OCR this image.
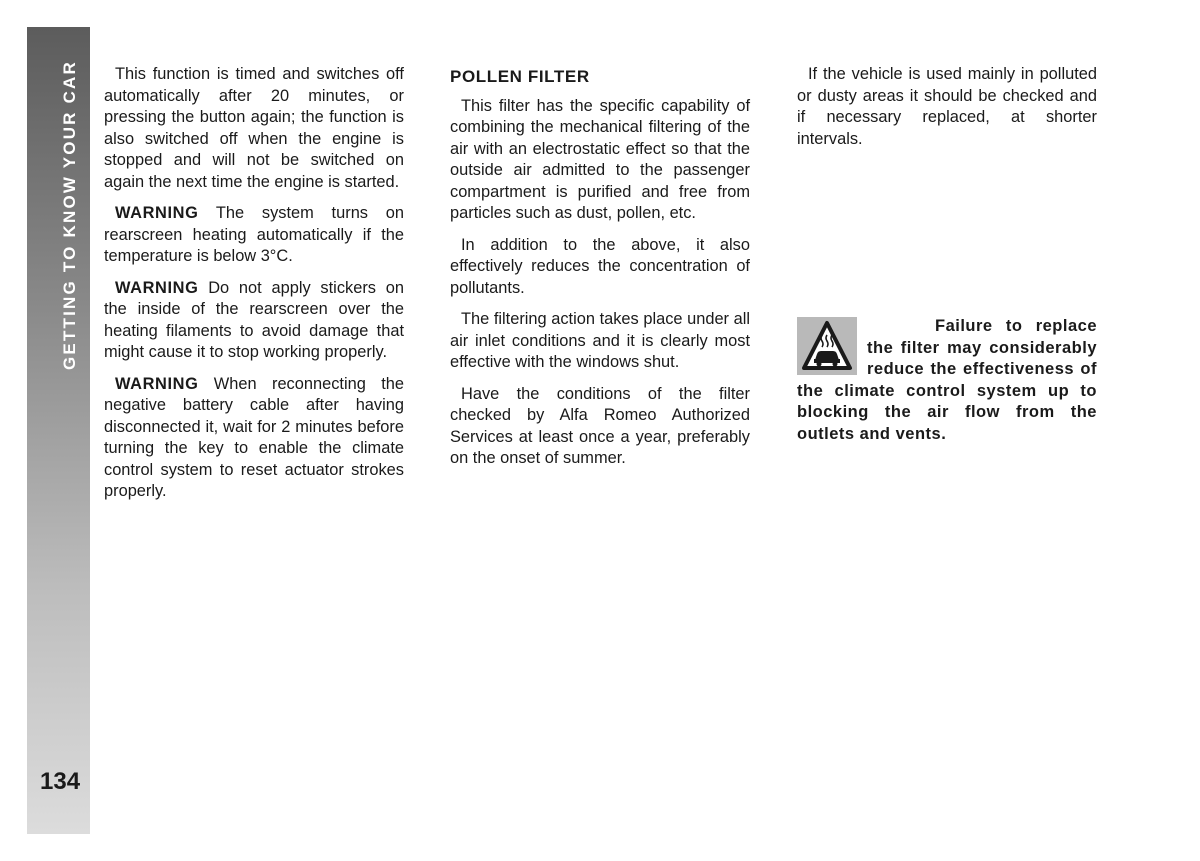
GETTING TO KNOW YOUR CAR
134

This function is timed and switches off automatically after 20 minutes, or pressing the button again; the function is also switched off when the engine is stopped and will not be switched on again the next time the engine is started.

WARNING The system turns on rearscreen heating automatically if the temperature is below 3°C.

WARNING Do not apply stickers on the inside of the rearscreen over the heating filaments to avoid damage that might cause it to stop working properly.

WARNING When reconnecting the negative battery cable after having disconnected it, wait for 2 minutes before turning the key to enable the climate control system to reset actuator strokes properly.

POLLEN FILTER

This filter has the specific capability of combining the mechanical filtering of the air with an electrostatic effect so that the outside air admitted to the passenger compartment is purified and free from particles such as dust, pollen, etc.

In addition to the above, it also effectively reduces the concentration of pollutants.

The filtering action takes place under all air inlet conditions and it is clearly most effective with the windows shut.

Have the conditions of the filter checked by Alfa Romeo Authorized Services at least once a year, preferably on the onset of summer.

If the vehicle is used mainly in polluted or dusty areas it should be checked and if necessary replaced, at shorter intervals.

Failure to replace the filter may considerably reduce the effectiveness of the climate control system up to blocking the air flow from the outlets and vents.
